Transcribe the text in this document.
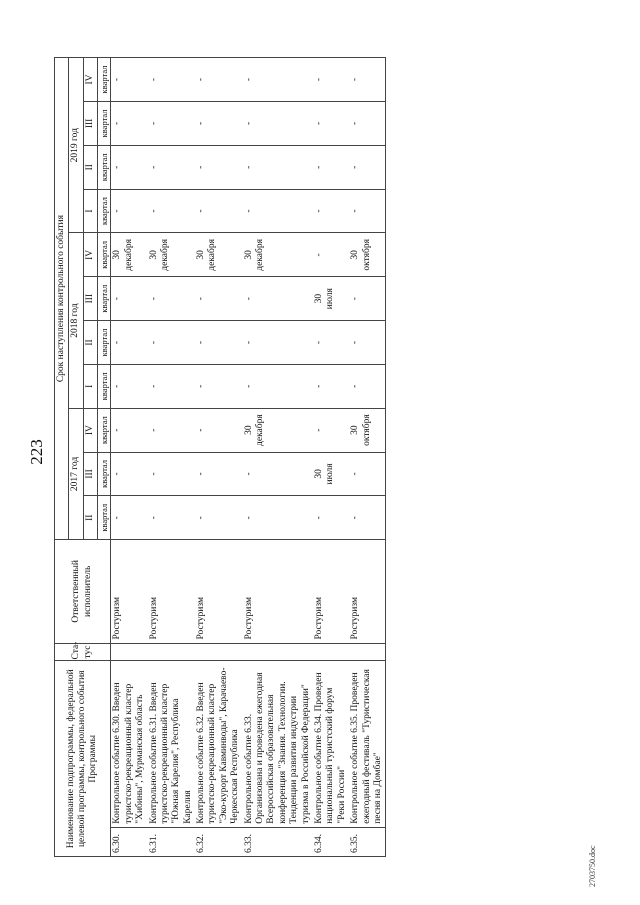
223
Наименование подпрограммы, федеральной целевой программы, контрольного события Программы		Ста-тус	Ответственный исполнитель	Срок наступления контрольного события										
				2017 год			2018 год				2019 год			
				II	III	IV	I	II	III	IV	I	II	III	IV
				квартал	квартал	квартал	квартал	квартал	квартал	квартал	квартал	квартал	квартал	квартал
6.30.	Контрольное событие 6.30. Введен туристско-рекреационный кластер "Хибины", Мурманская область		Ростуризм	-	-	-	-	-	-	30 декабря	-	-	-	-

6.31.	Контрольное событие 6.31. Введен туристско-рекреационный кластер "Южная Карелия", Республика Карелия		Ростуризм	-	-	-	-	-	-	30 декабря	-	-	-	-

6.32.	Контрольное событие 6.32. Введен туристско-рекреационный кластер "Эко-курорт Кавминводы", Карачаево-Черкесская Республика		Ростуризм	-	-	-	-	-	-	30 декабря	-	-	-	-

6.33.	Контрольное событие 6.33. Организована и проведена ежегодная Всероссийская образовательная конференция "Знания. Технологии. Тенденции развития индустрии туризма в Российской Федерации"		Ростуризм	-	-	30 декабря	-	-	-	30 декабря	-	-	-	-

6.34.	Контрольное событие 6.34. Проведен национальный туристский форум "Реки России"		Ростуризм	-	30 июля	-	-	-	30 июля	-	-	-	-	-

6.35.	Контрольное событие 6.35. Проведен ежегодный фестиваль "Туристическая песня на Домбае"		Ростуризм	-	-	30 октября	-	-	-	30 октября	-	-	-	-
2703750.doc
